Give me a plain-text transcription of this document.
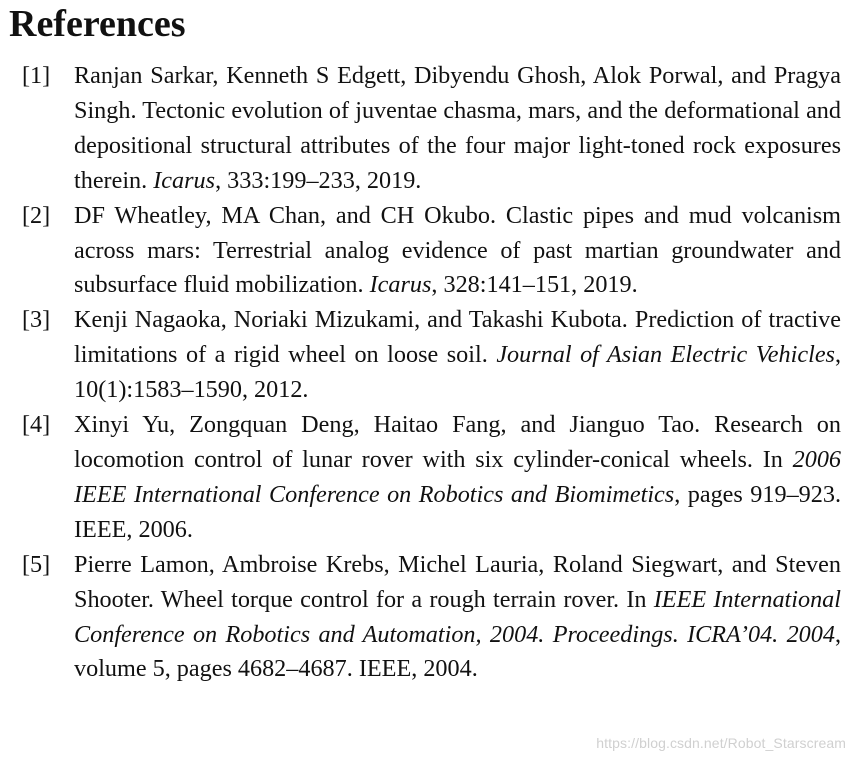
References
[1] Ranjan Sarkar, Kenneth S Edgett, Dibyendu Ghosh, Alok Porwal, and Pragya Singh. Tectonic evolution of juventae chasma, mars, and the deformational and depositional structural attributes of the four major light-toned rock exposures therein. Icarus, 333:199–233, 2019.
[2] DF Wheatley, MA Chan, and CH Okubo. Clastic pipes and mud volcanism across mars: Terrestrial analog evidence of past martian groundwater and subsurface fluid mobilization. Icarus, 328:141–151, 2019.
[3] Kenji Nagaoka, Noriaki Mizukami, and Takashi Kubota. Prediction of tractive limitations of a rigid wheel on loose soil. Journal of Asian Electric Vehicles, 10(1):1583–1590, 2012.
[4] Xinyi Yu, Zongquan Deng, Haitao Fang, and Jianguo Tao. Research on locomotion control of lunar rover with six cylinder-conical wheels. In 2006 IEEE International Conference on Robotics and Biomimetics, pages 919–923. IEEE, 2006.
[5] Pierre Lamon, Ambroise Krebs, Michel Lauria, Roland Siegwart, and Steven Shooter. Wheel torque control for a rough terrain rover. In IEEE International Conference on Robotics and Automation, 2004. Proceedings. ICRA’04. 2004, volume 5, pages 4682–4687. IEEE, 2004.
https://blog.csdn.net/Robot_Starscream
